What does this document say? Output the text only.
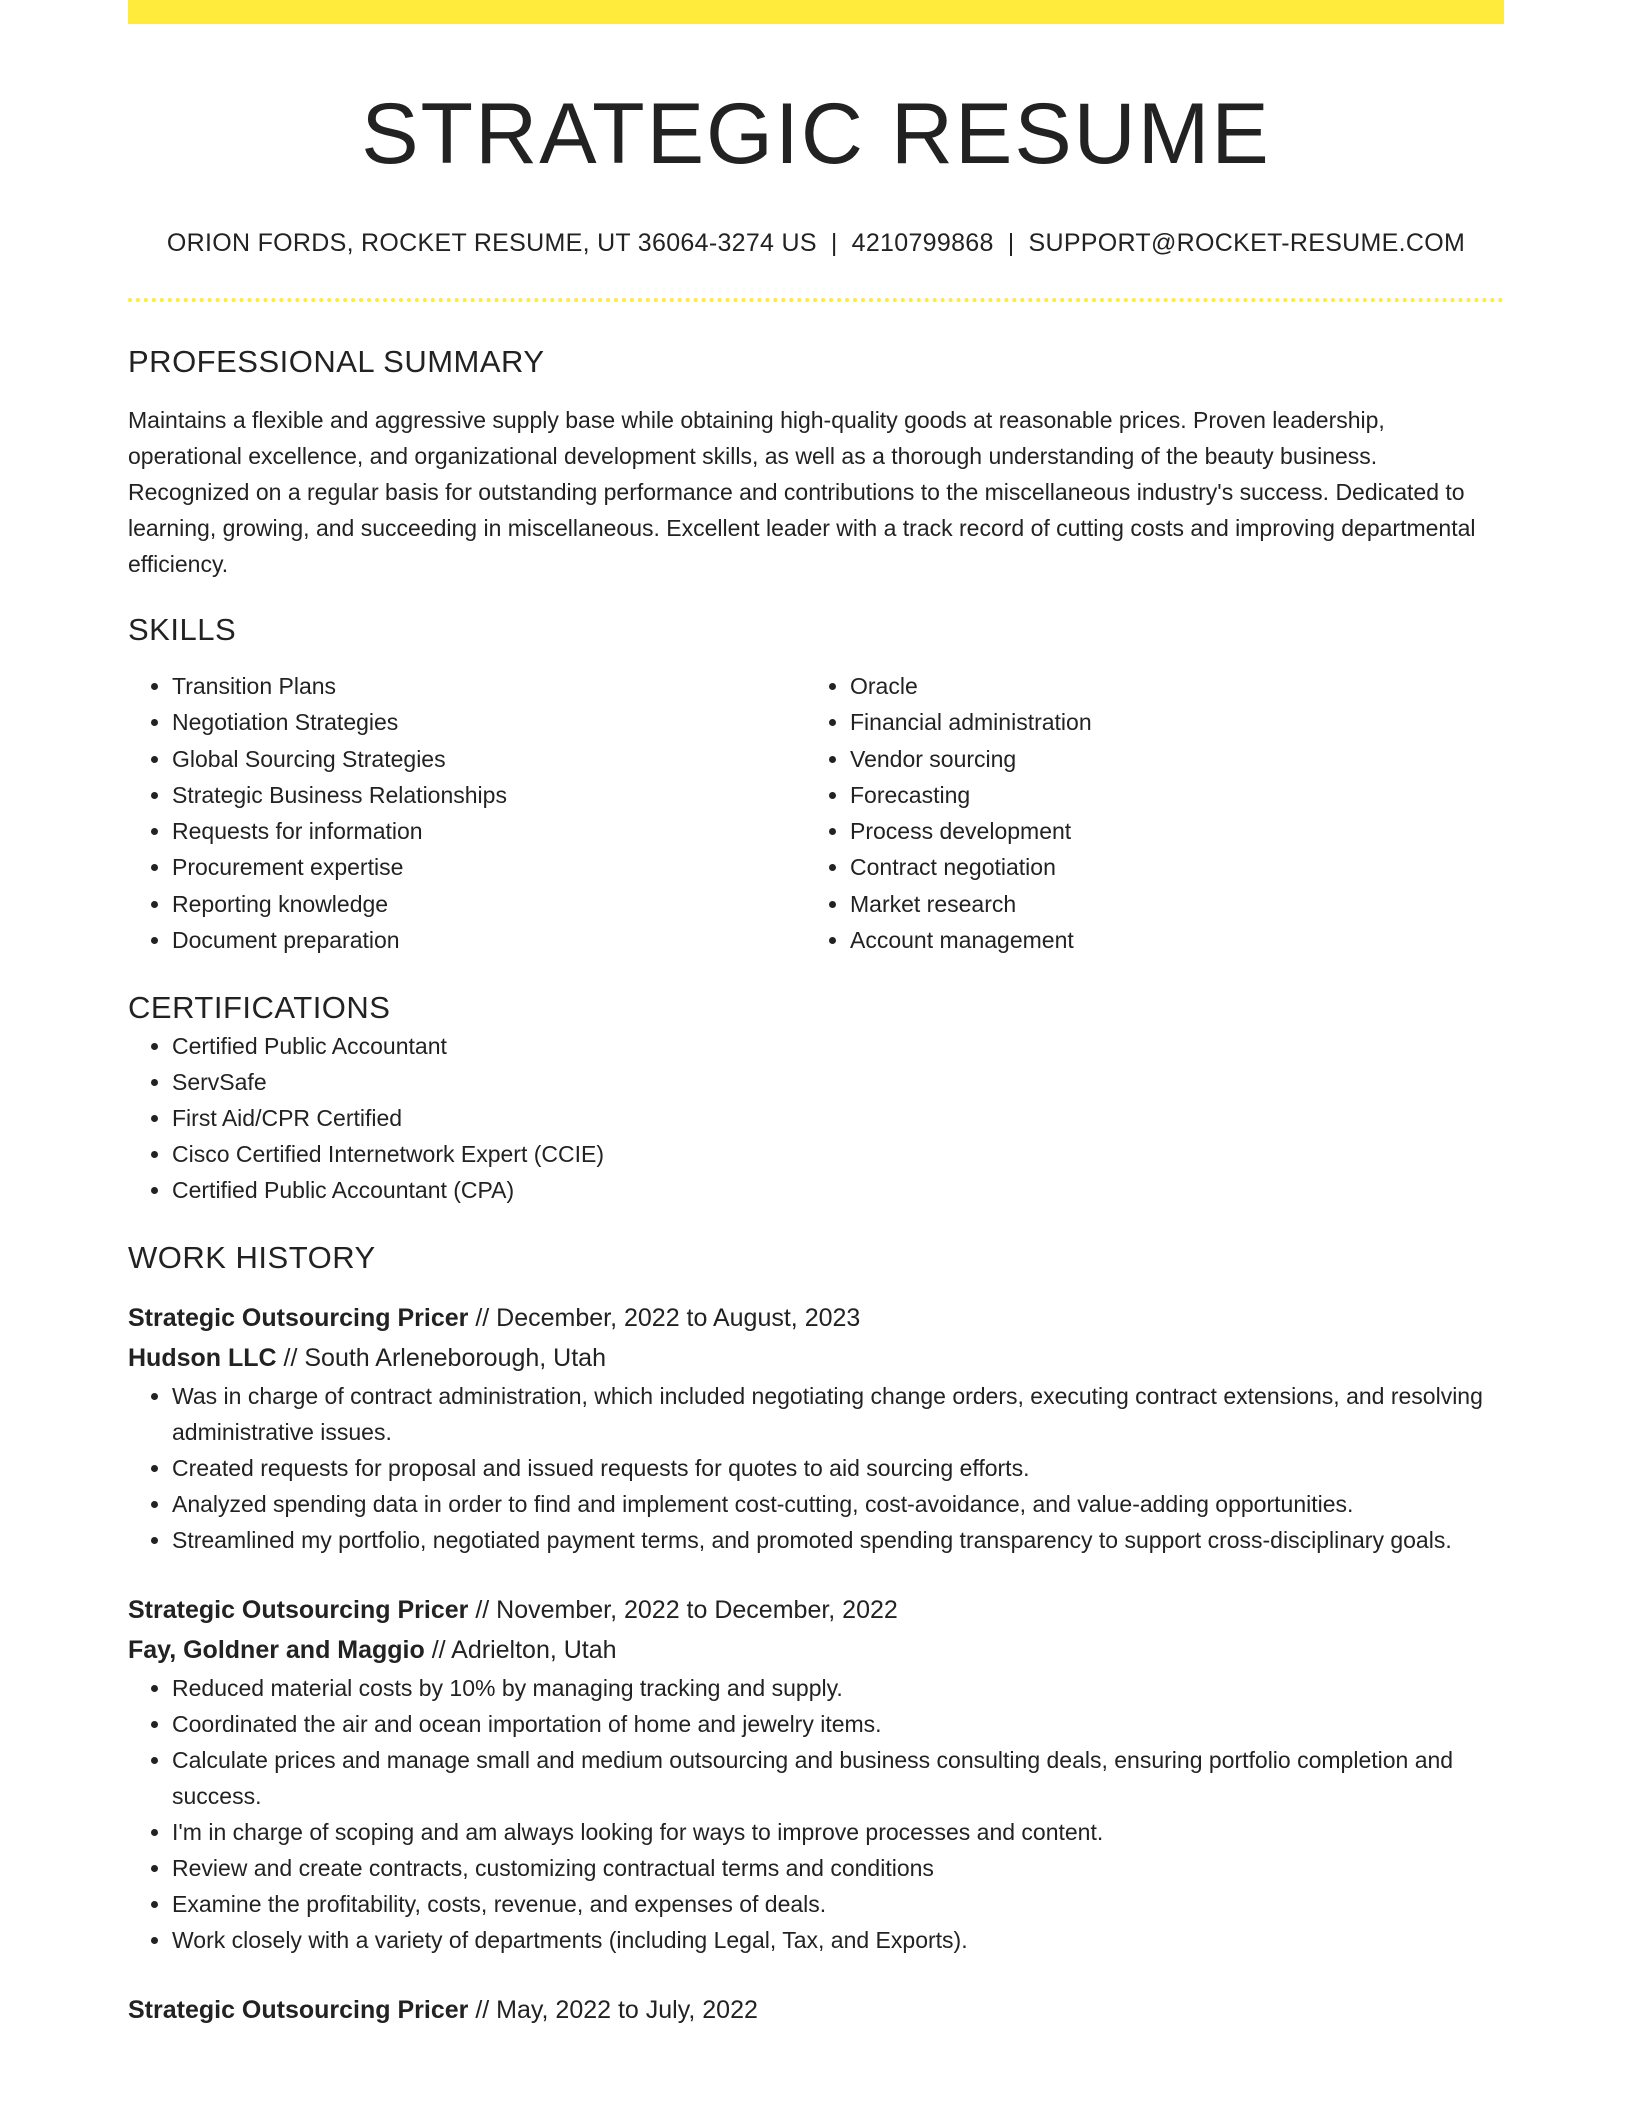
STRATEGIC RESUME
ORION FORDS, ROCKET RESUME, UT 36064-3274 US | 4210799868 | SUPPORT@ROCKET-RESUME.COM
PROFESSIONAL SUMMARY
Maintains a flexible and aggressive supply base while obtaining high-quality goods at reasonable prices. Proven leadership, operational excellence, and organizational development skills, as well as a thorough understanding of the beauty business. Recognized on a regular basis for outstanding performance and contributions to the miscellaneous industry's success. Dedicated to learning, growing, and succeeding in miscellaneous. Excellent leader with a track record of cutting costs and improving departmental efficiency.
SKILLS
• Transition Plans
• Negotiation Strategies
• Global Sourcing Strategies
• Strategic Business Relationships
• Requests for information
• Procurement expertise
• Reporting knowledge
• Document preparation
• Oracle
• Financial administration
• Vendor sourcing
• Forecasting
• Process development
• Contract negotiation
• Market research
• Account management
CERTIFICATIONS
• Certified Public Accountant
• ServSafe
• First Aid/CPR Certified
• Cisco Certified Internetwork Expert (CCIE)
• Certified Public Accountant (CPA)
WORK HISTORY
Strategic Outsourcing Pricer // December, 2022 to August, 2023
Hudson LLC // South Arleneborough, Utah
• Was in charge of contract administration, which included negotiating change orders, executing contract extensions, and resolving administrative issues.
• Created requests for proposal and issued requests for quotes to aid sourcing efforts.
• Analyzed spending data in order to find and implement cost-cutting, cost-avoidance, and value-adding opportunities.
• Streamlined my portfolio, negotiated payment terms, and promoted spending transparency to support cross-disciplinary goals.
Strategic Outsourcing Pricer // November, 2022 to December, 2022
Fay, Goldner and Maggio // Adrielton, Utah
• Reduced material costs by 10% by managing tracking and supply.
• Coordinated the air and ocean importation of home and jewelry items.
• Calculate prices and manage small and medium outsourcing and business consulting deals, ensuring portfolio completion and success.
• I'm in charge of scoping and am always looking for ways to improve processes and content.
• Review and create contracts, customizing contractual terms and conditions
• Examine the profitability, costs, revenue, and expenses of deals.
• Work closely with a variety of departments (including Legal, Tax, and Exports).
Strategic Outsourcing Pricer // May, 2022 to July, 2022
